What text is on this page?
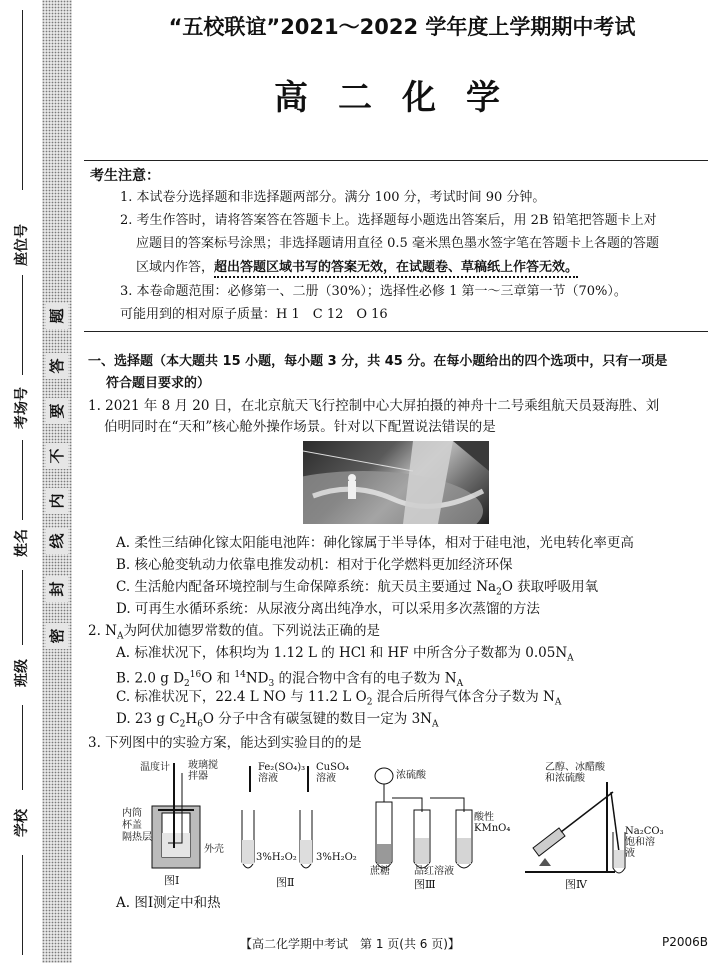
密
封
线
内
不
要
答
题
座位号
考场号
姓名
班级
学校
“五校联谊”2021～2022 学年度上学期期中考试
高二化学
考生注意：
1. 本试卷分选择题和非选择题两部分。满分 100 分，考试时间 90 分钟。
2. 考生作答时，请将答案答在答题卡上。选择题每小题选出答案后，用 2B 铅笔把答题卡上对
应题目的答案标号涂黑；非选择题请用直径 0.5 毫米黑色墨水签字笔在答题卡上各题的答题
区域内作答，超出答题区域书写的答案无效，在试题卷、草稿纸上作答无效。
3. 本卷命题范围：必修第一、二册（30%）；选择性必修 1 第一～三章第一节（70%）。
可能用到的相对原子质量：H 1　C 12　O 16
一、选择题（本大题共 15 小题，每小题 3 分，共 45 分。在每小题给出的四个选项中，只有一项是
符合题目要求的）
1. 2021 年 8 月 20 日，在北京航天飞行控制中心大屏拍摄的神舟十二号乘组航天员聂海胜、刘
伯明同时在“天和”核心舱外操作场景。针对以下配置说法错误的是
A. 柔性三结砷化镓太阳能电池阵：砷化镓属于半导体，相对于硅电池，光电转化率更高
B. 核心舱变轨动力依靠电推发动机：相对于化学燃料更加经济环保
C. 生活舱内配备环境控制与生命保障系统：航天员主要通过 $Na_2O$ 获取呼吸用氧
D. 可再生水循环系统：从尿液分离出纯净水，可以采用多次蒸馏的方法
2. $N_A$为阿伏加德罗常数的值。下列说法正确的是
A. 标准状况下，体积均为 1.12 L 的 HCl 和 HF 中所含分子数都为 $0.05N_A$
B. 2.0 g $D_2^{16}O$ 和 $^{14}ND_3$ 的混合物中含有的电子数为 $N_A$
C. 标准状况下，22.4 L NO 与 11.2 L $O_2$ 混合后所得气体含分子数为 $N_A$
D. 23 g $C_2H_6O$ 分子中含有碳氢键的数目一定为 $3N_A$
3. 下列图中的实验方案，能达到实验目的的是
温度计 玻璃搅拌器
内筒
杯盖
隔热层
外壳
图Ⅰ
Fe₂(SO₄)₃溶液
CuSO₄溶液
3%H₂O₂ 3%H₂O₂
图Ⅱ
浓硫酸
酸性KMnO₄
蔗糖 品红溶液
图Ⅲ
乙醇、冰醋酸和浓硫酸
Na₂CO₃饱和溶液
图Ⅳ
A. 图Ⅰ测定中和热
【高二化学期中考试　第 1 页(共 6 页)】	P2006B
